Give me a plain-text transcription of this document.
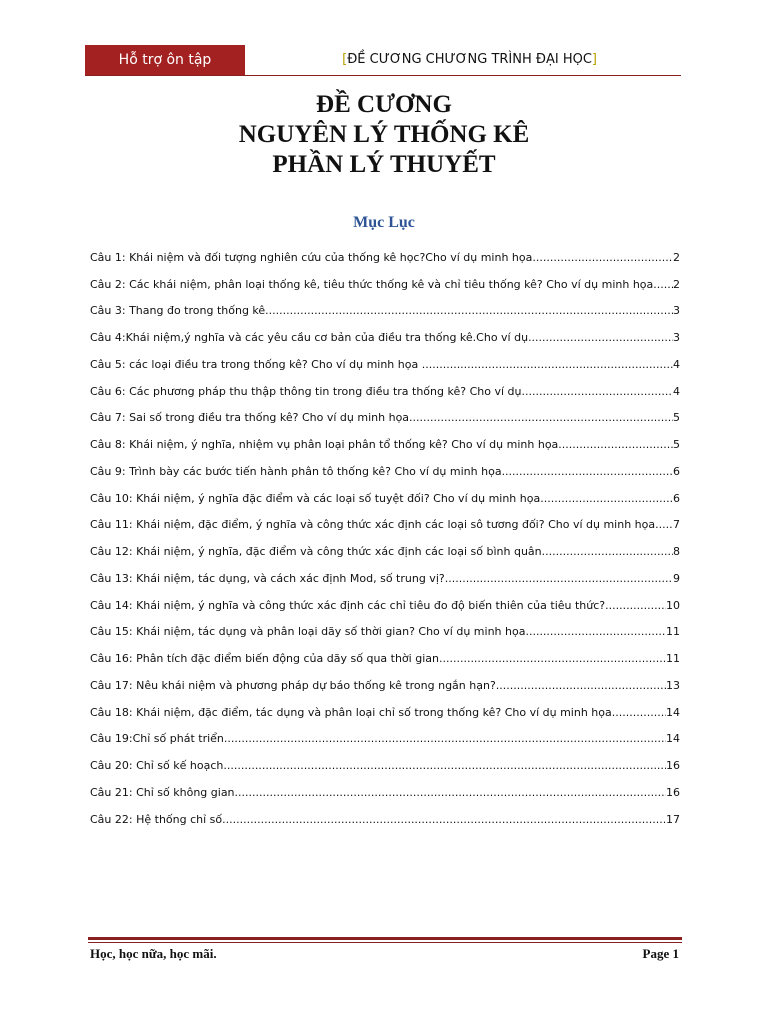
Hỗ trợ ôn tập	[ĐỀ CƯƠNG CHƯƠNG TRÌNH ĐẠI HỌC]
ĐỀ CƯƠNG
NGUYÊN LÝ THỐNG KÊ
PHẦN LÝ THUYẾT
Mục Lục
Câu 1: Khái niệm và đối tượng nghiên cứu của thống kê học?Cho ví dụ minh họa .....	2
Câu 2: Các khái niệm, phân loại thống kê, tiêu thức thống kê và chỉ tiêu thống kê? Cho ví dụ minh họa ..... 2
Câu 3: Thang đo trong thống kê .....	3
Câu 4:Khái niệm,ý nghĩa và các yêu cầu cơ bản của điều tra thống kê.Cho ví dụ .....	3
Câu 5: các loại điều tra trong thống kê? Cho ví dụ minh họa . .....	4
Câu 6: Các phương pháp thu thập thông tin trong điều tra thống kê? Cho ví dụ .....	4
Câu 7: Sai số trong điều tra thống kê? Cho ví dụ minh họa. .....	5
Câu 8: Khái niệm, ý nghĩa, nhiệm vụ phân loại phân tổ thống kê? Cho ví dụ minh họa .....	5
Câu 9: Trình bày các bước tiến hành phân tô thống kê? Cho ví dụ minh họa .....	6
Câu 10: Khái niệm, ý nghĩa đặc điểm và các loại số tuyệt đối? Cho ví dụ minh họa .....	6
Câu 11: Khái niệm, đặc điểm, ý nghĩa và công thức xác định các loại sô tương đối? Cho ví dụ minh họa ..... 7
Câu 12: Khái niệm, ý nghĩa, đặc điểm và công thức xác định các loại số bình quân .....	8
Câu 13: Khái niệm, tác dụng, và cách xác định Mod, số trung vị? .....	9
Câu 14: Khái niệm, ý nghĩa và công thức xác định các chỉ tiêu đo độ biến thiên của tiêu thức? .....	10
Câu 15: Khái niệm, tác dụng và phân loại dãy số thời gian? Cho ví dụ minh họa .....	11
Câu 16: Phân tích đặc điểm biến động của dãy số qua thời gian .....	11
Câu 17: Nêu khái niệm và phương pháp dự báo thống kê trong ngắn hạn? .....	13
Câu 18: Khái niệm, đặc điểm, tác dụng và phân loại chỉ số trong thống kê? Cho ví dụ minh họa .....	14
Câu 19:Chỉ số phát triển. .....	14
Câu 20: Chỉ số kế hoạch .....	16
Câu 21: Chỉ số không gian .....	16
Câu 22: Hệ thống chỉ số .....	17
Học, học nữa, học mãi.	Page 1
